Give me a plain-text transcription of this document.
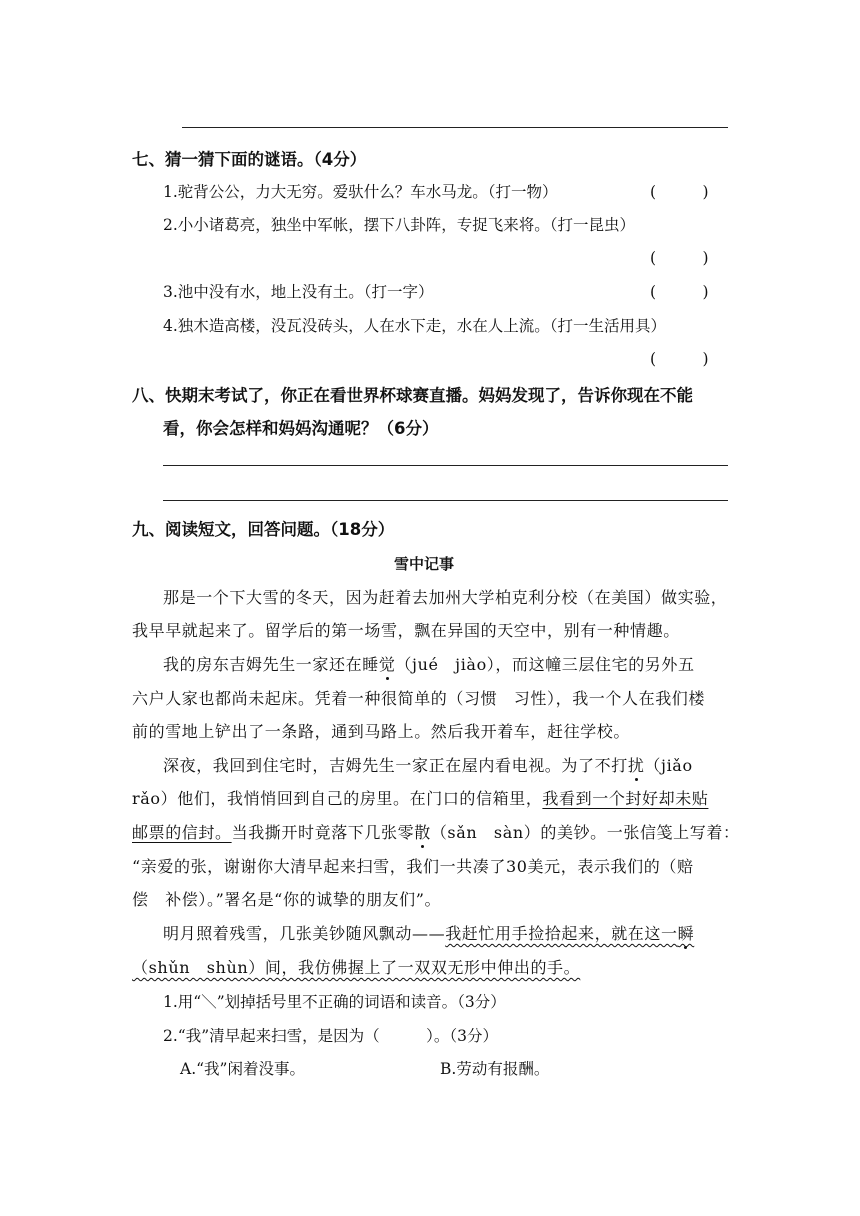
七、猜一猜下面的谜语。（4分）
1.驼背公公，力大无穷。爱驮什么？车水马龙。（打一物）	(　　　)
2.小小诸葛亮，独坐中军帐，摆下八卦阵，专捉飞来将。（打一昆虫）
(　　　)
3.池中没有水，地上没有土。（打一字）	(　　　)
4.独木造高楼，没瓦没砖头，人在水下走，水在人上流。（打一生活用具）
(　　　)
八、快期末考试了，你正在看世界杯球赛直播。妈妈发现了，告诉你现在不能
看，你会怎样和妈妈沟通呢？（6分）
九、阅读短文，回答问题。（18分）
雪中记事
那是一个下大雪的冬天，因为赶着去加州大学柏克利分校（在美国）做实验，
我早早就起来了。留学后的第一场雪，飘在异国的天空中，别有一种情趣。
我的房东吉姆先生一家还在睡觉（jué　jiào），而这幢三层住宅的另外五
六户人家也都尚未起床。凭着一种很简单的（习惯　习性），我一个人在我们楼
前的雪地上铲出了一条路，通到马路上。然后我开着车，赶往学校。
深夜，我回到住宅时，吉姆先生一家正在屋内看电视。为了不打扰（jiǎo
rǎo）他们，我悄悄回到自己的房里。在门口的信箱里，我看到一个封好却未贴
邮票的信封。当我撕开时竟落下几张零散（sǎn　sàn）的美钞。一张信笺上写着：
“亲爱的张，谢谢你大清早起来扫雪，我们一共凑了30美元，表示我们的（赔
偿　补偿）。”署名是“你的诚挚的朋友们”。
明月照着残雪，几张美钞随风飘动——我赶忙用手捡拾起来，就在这一瞬
（shǔn　shùn）间，我仿佛握上了一双双无形中伸出的手。
1.用“＼”划掉括号里不正确的词语和读音。（3分）
2.“我”清早起来扫雪，是因为（　　　）。（3分）
A.“我”闲着没事。	B.劳动有报酬。
